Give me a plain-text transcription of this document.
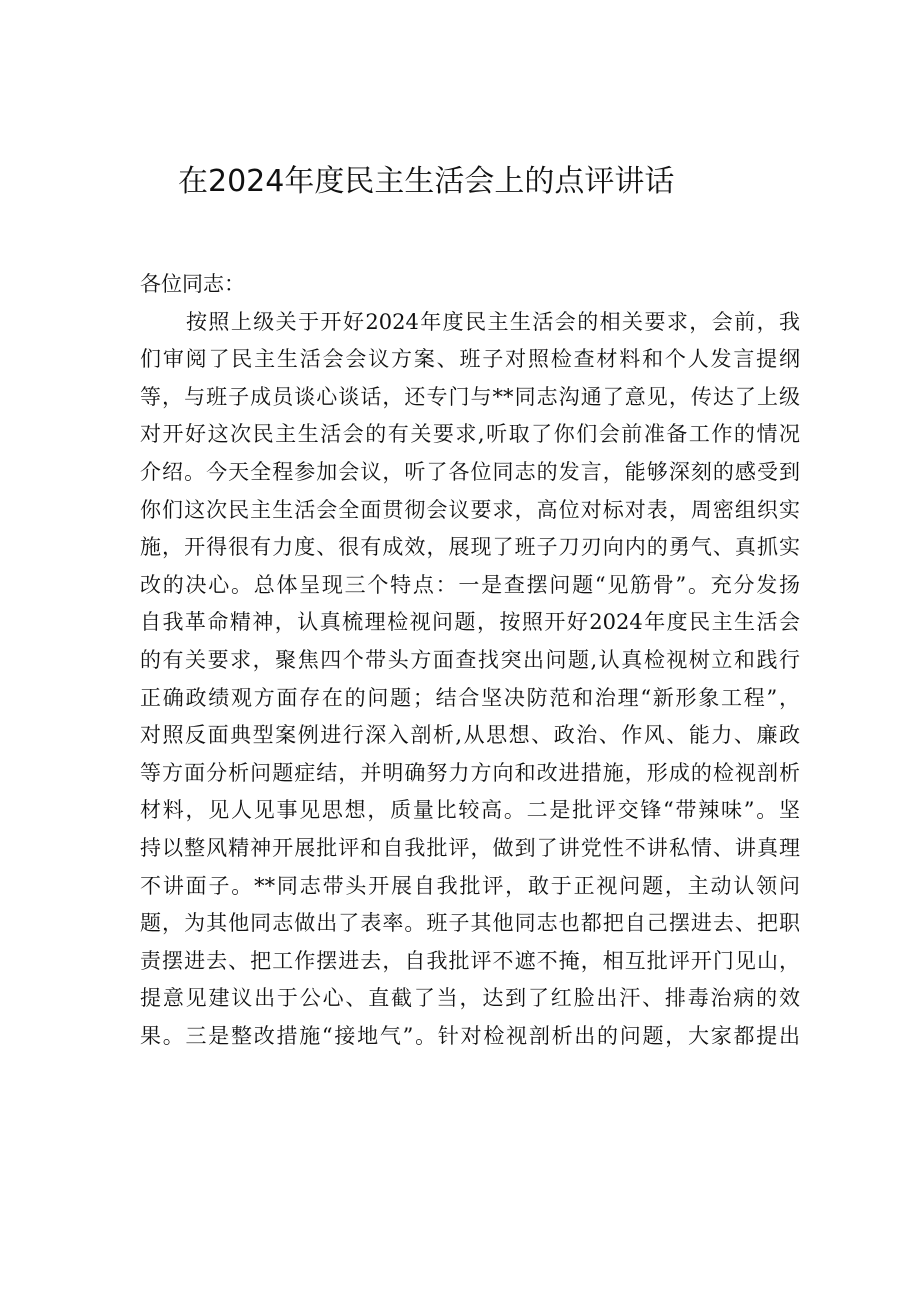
在2024年度民主生活会上的点评讲话
各位同志：
按照上级关于开好2024年度民主生活会的相关要求，会前，我
们审阅了民主生活会会议方案、班子对照检查材料和个人发言提纲
等，与班子成员谈心谈话，还专门与**同志沟通了意见，传达了上级
对开好这次民主生活会的有关要求,听取了你们会前准备工作的情况
介绍。今天全程参加会议，听了各位同志的发言，能够深刻的感受到
你们这次民主生活会全面贯彻会议要求，高位对标对表，周密组织实
施，开得很有力度、很有成效，展现了班子刀刃向内的勇气、真抓实
改的决心。总体呈现三个特点：一是查摆问题“见筋骨”。充分发扬
自我革命精神，认真梳理检视问题，按照开好2024年度民主生活会
的有关要求，聚焦四个带头方面查找突出问题,认真检视树立和践行
正确政绩观方面存在的问题；结合坚决防范和治理“新形象工程”，
对照反面典型案例进行深入剖析,从思想、政治、作风、能力、廉政
等方面分析问题症结，并明确努力方向和改进措施，形成的检视剖析
材料，见人见事见思想，质量比较高。二是批评交锋“带辣味”。坚
持以整风精神开展批评和自我批评，做到了讲党性不讲私情、讲真理
不讲面子。**同志带头开展自我批评，敢于正视问题，主动认领问
题，为其他同志做出了表率。班子其他同志也都把自己摆进去、把职
责摆进去、把工作摆进去，自我批评不遮不掩，相互批评开门见山，
提意见建议出于公心、直截了当，达到了红脸出汗、排毒治病的效
果。三是整改措施“接地气”。针对检视剖析出的问题，大家都提出
